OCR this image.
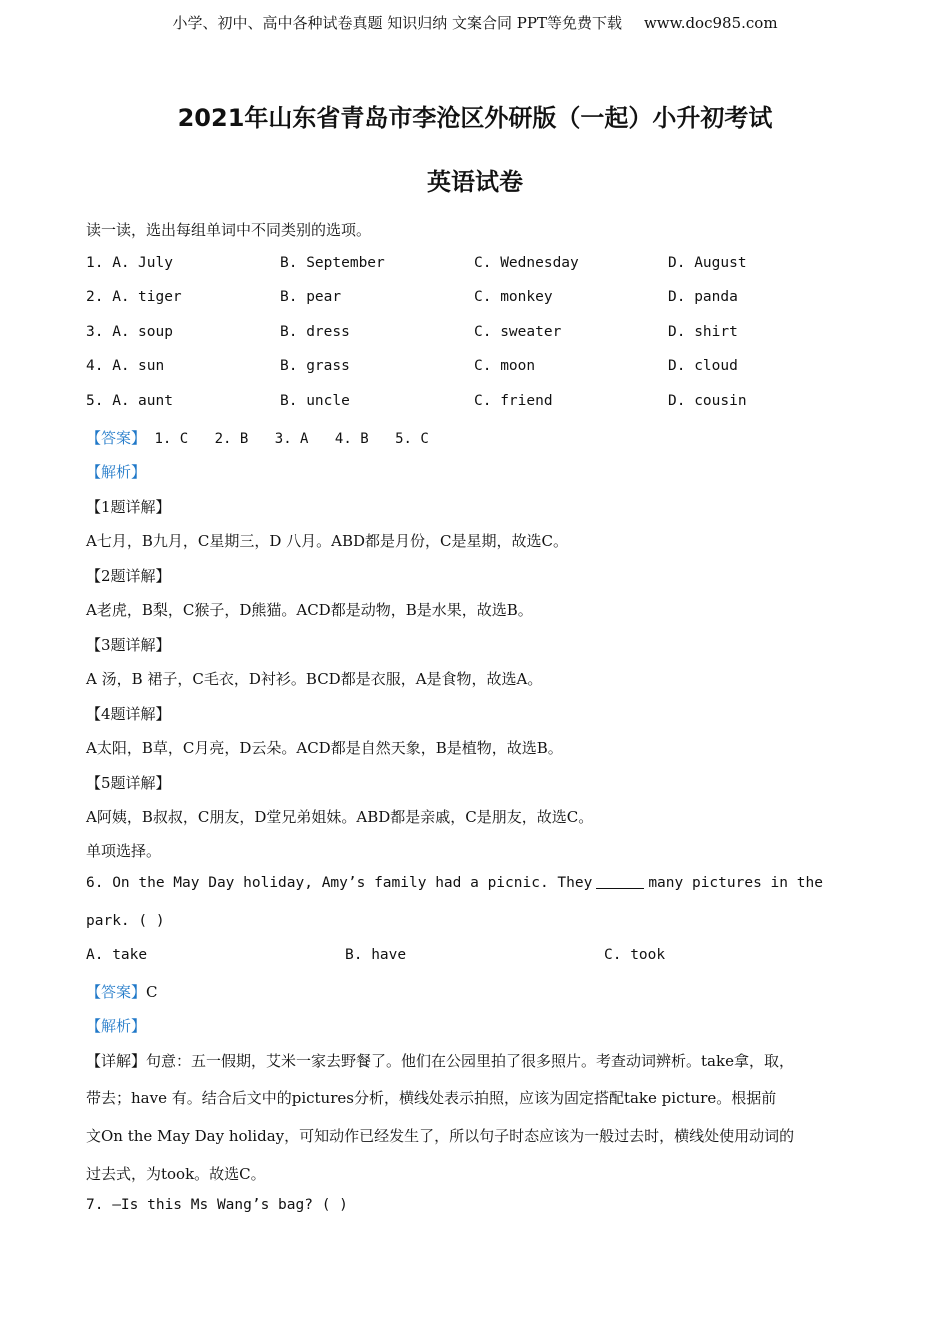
小学、初中、高中各种试卷真题 知识归纳 文案合同 PPT等免费下载 www.doc985.com
2021年山东省青岛市李沧区外研版（一起）小升初考试
英语试卷
读一读，选出每组单词中不同类别的选项。
1. A. July	B. September	C. Wednesday	D. August
2. A. tiger	B. pear	C. monkey	D. panda
3. A. soup	B. dress	C. sweater	D. shirt
4. A. sun	B. grass	C. moon	D. cloud
5. A. aunt	B. uncle	C. friend	D. cousin
【答案】 1. C 2. B 3. A 4. B 5. C
【解析】
【1题详解】
A七月，B九月，C星期三，D 八月。ABD都是月份，C是星期，故选C。
【2题详解】
A老虎，B梨，C猴子，D熊猫。ACD都是动物，B是水果，故选B。
【3题详解】
A 汤，B 裙子，C毛衣，D衬衫。BCD都是衣服，A是食物，故选A。
【4题详解】
A太阳，B草，C月亮，D云朵。ACD都是自然天象，B是植物，故选B。
【5题详解】
A阿姨，B叔叔，C朋友，D堂兄弟姐妹。ABD都是亲戚，C是朋友，故选C。
单项选择。
6. On the May Day holiday, Amy’s family had a picnic. They	many pictures in the
park. ( )
A. take	B. have	C. took
【答案】C
【解析】
【详解】句意：五一假期，艾米一家去野餐了。他们在公园里拍了很多照片。考查动词辨析。take拿，取，
带去；have 有。结合后文中的pictures分析，横线处表示拍照，应该为固定搭配take picture。根据前
文On the May Day holiday，可知动作已经发生了，所以句子时态应该为一般过去时，横线处使用动词的
过去式，为took。故选C。
7. —Is this Ms Wang’s bag? ( )
